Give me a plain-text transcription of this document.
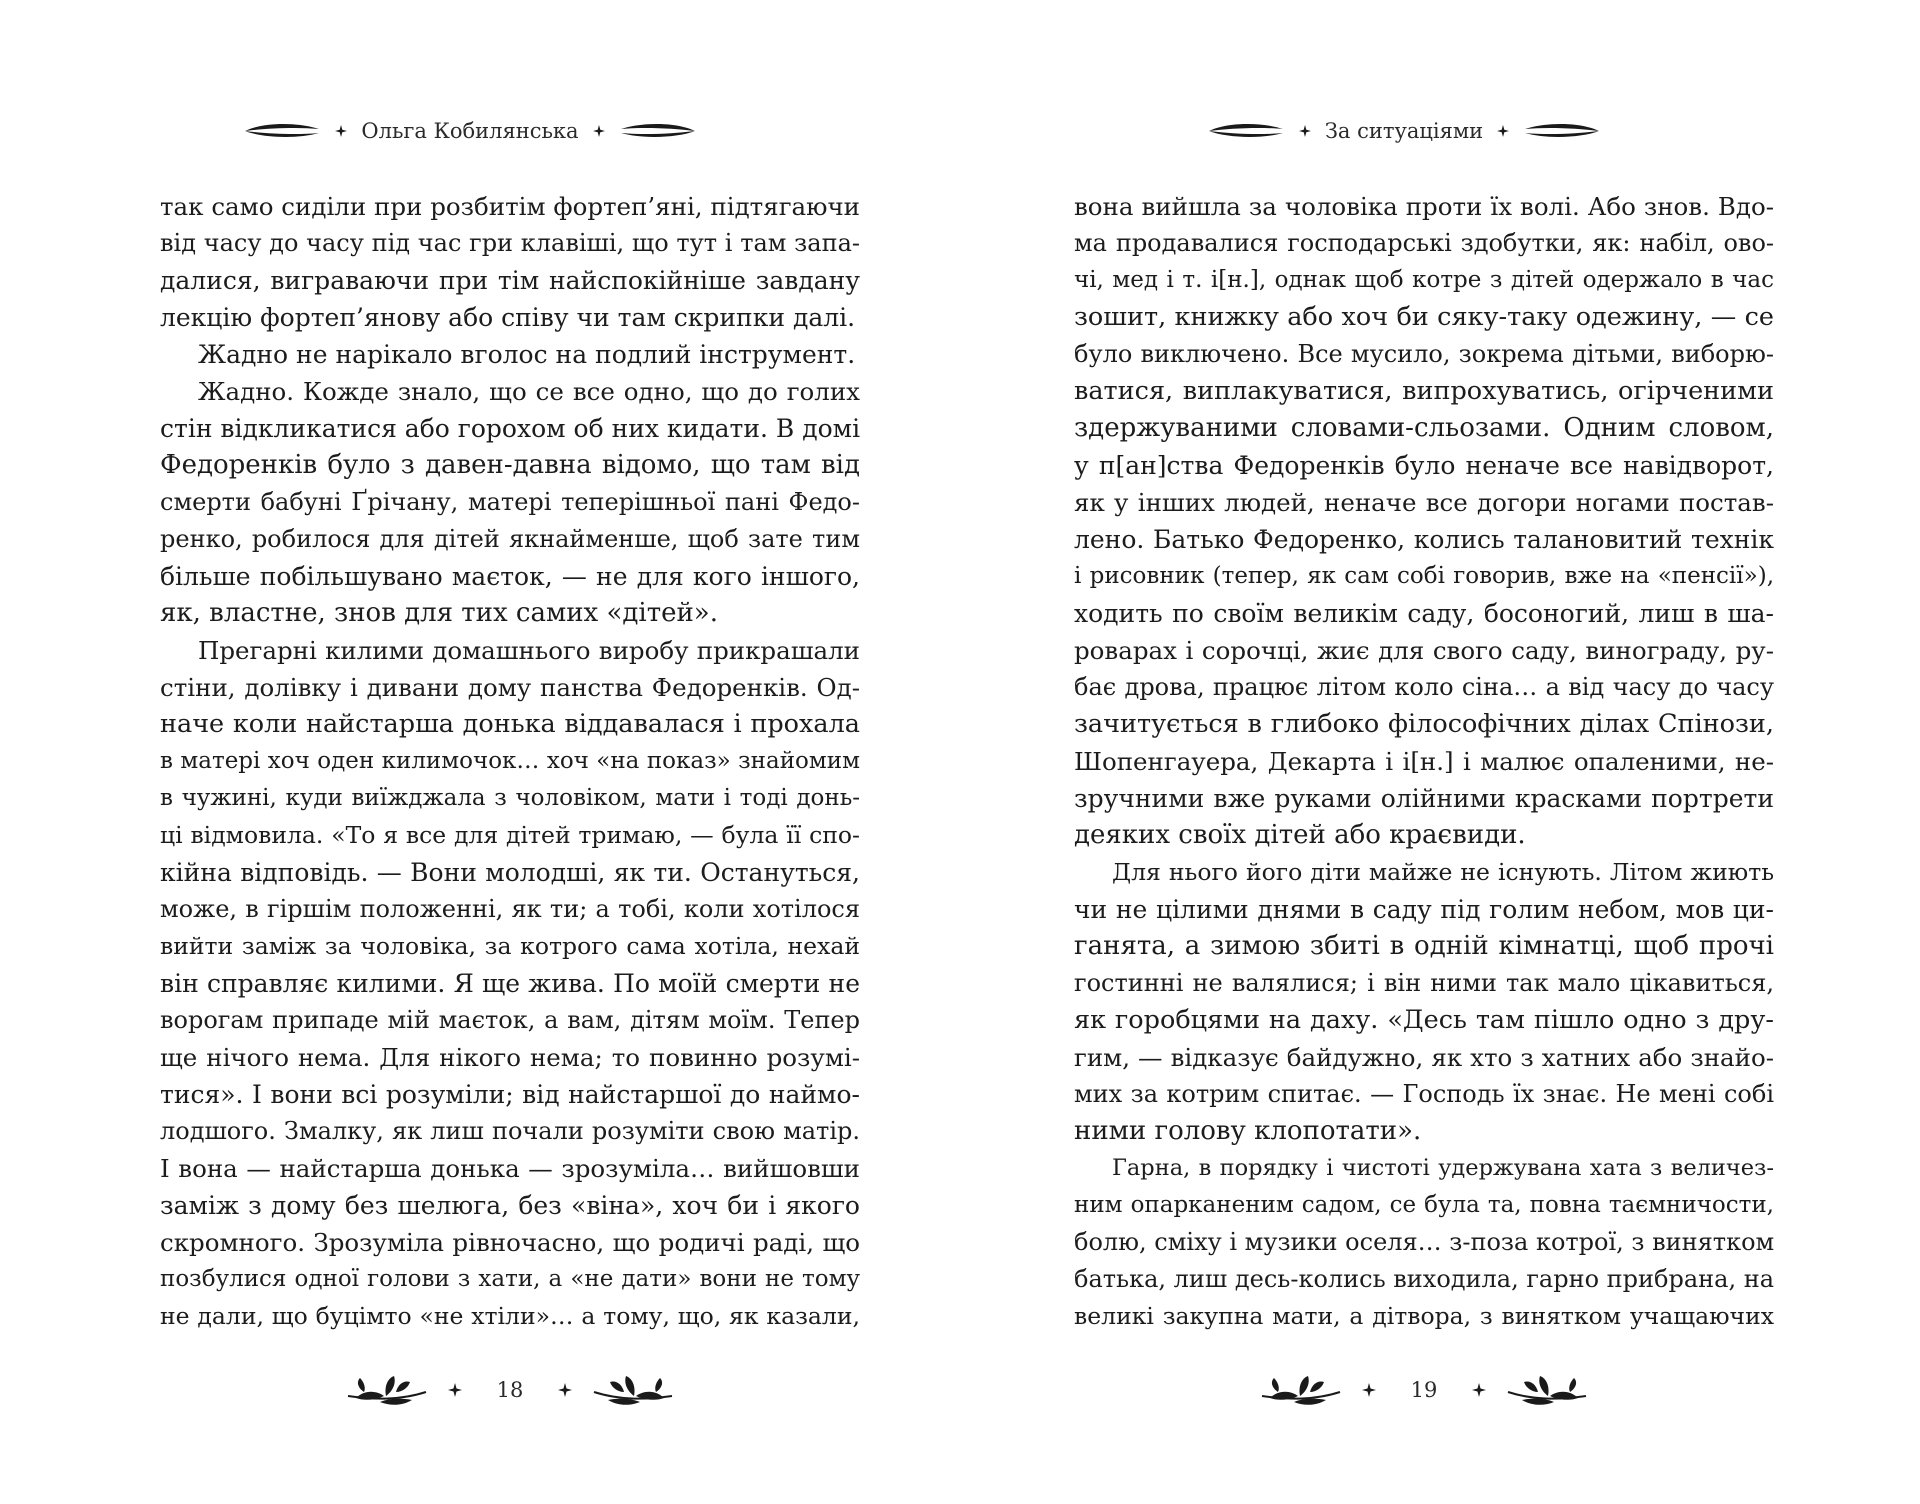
Ольга Кобилянська
так само сиділи при розбитім фортеп’яні, підтягаючи
від часу до часу під час гри клавіші, що тут і там запа-
далися, виграваючи при тім найспокійніше завдану
лекцію фортеп’янову або співу чи там скрипки далі.
Жадно не нарікало вголос на подлий інструмент.
Жадно. Кожде знало, що се все одно, що до голих
стін відкликатися або горохом об них кидати. В домі
Федоренків було з давен-давна відомо, що там від
смерти бабуні Ґрічану, матері теперішньої пані Федо-
ренко, робилося для дітей якнайменше, щоб зате тим
більше побільшувано маєток, — не для кого іншого,
як, властне, знов для тих самих «дітей».
Прегарні килими домашнього виробу прикрашали
стіни, долівку і дивани дому панства Федоренків. Од-
наче коли найстарша донька віддавалася і прохала
в матері хоч оден килимочок… хоч «на показ» знайомим
в чужині, куди виїжджала з чоловіком, мати і тоді донь-
ці відмовила. «То я все для дітей тримаю, — була її спо-
кійна відповідь. — Вони молодші, як ти. Остануться,
може, в гіршім положенні, як ти; а тобі, коли хотілося
вийти заміж за чоловіка, за котрого сама хотіла, нехай
він справляє килими. Я ще жива. По моїй смерти не
ворогам припаде мій маєток, а вам, дітям моїм. Тепер
ще нічого нема. Для нікого нема; то повинно розумі-
тися». І вони всі розуміли; від найстаршої до наймо-
лодшого. Змалку, як лиш почали розуміти свою матір.
І вона — найстарша донька — зрозуміла… вийшовши
заміж з дому без шелюга, без «віна», хоч би і якого
скромного. Зрозуміла рівночасно, що родичі раді, що
позбулися одної голови з хати, а «не дати» вони не тому
не дали, що буцімто «не хтіли»… а тому, що, як казали,
18
За ситуаціями
вона вийшла за чоловіка проти їх волі. Або знов. Вдо-
ма продавалися господарські здобутки, як: набіл, ово-
чі, мед і т. і[н.], однак щоб котре з дітей одержало в час
зошит, книжку або хоч би сяку-таку одежину, — се
було виключено. Все мусило, зокрема дітьми, виборю-
ватися, виплакуватися, випрохуватись, огірченими
здержуваними словами-сльозами. Одним словом,
у п[ан]ства Федоренків було неначе все навідворот,
як у інших людей, неначе все догори ногами постав-
лено. Батько Федоренко, колись талановитий технік
і рисовник (тепер, як сам собі говорив, вже на «пенсії»),
ходить по своїм великім саду, босоногий, лиш в ша-
роварах і сорочці, жиє для свого саду, винограду, ру-
бає дрова, працює літом коло сіна… а від часу до часу
зачитується в глибоко філософічних ділах Спінози,
Шопенгауера, Декарта і і[н.] і малює опаленими, не-
зручними вже руками олійними красками портрети
деяких своїх дітей або краєвиди.
Для нього його діти майже не існують. Літом жиють
чи не цілими днями в саду під голим небом, мов ци-
ганята, а зимою збиті в одній кімнатці, щоб прочі
гостинні не валялися; і він ними так мало цікавиться,
як горобцями на даху. «Десь там пішло одно з дру-
гим, — відказує байдужно, як хто з хатних або знайо-
мих за котрим спитає. — Господь їх знає. Не мені собі
ними голову клопотати».
Гарна, в порядку і чистоті удержувана хата з величез-
ним опарканеним садом, се була та, повна таємничости,
болю, сміху і музики оселя… з-поза котрої, з винятком
батька, лиш десь-колись виходила, гарно прибрана, на
великі закупна мати, а дітвора, з винятком учащаючих
19
